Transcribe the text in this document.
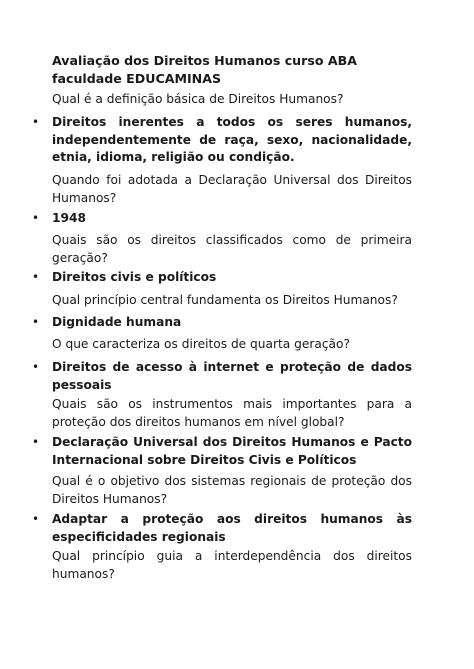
Avaliação dos Direitos Humanos curso ABA faculdade EDUCAMINAS
Qual é a definição básica de Direitos Humanos?
• Direitos inerentes a todos os seres humanos, independentemente de raça, sexo, nacionalidade, etnia, idioma, religião ou condição.
Quando foi adotada a Declaração Universal dos Direitos Humanos?
• 1948
Quais são os direitos classificados como de primeira geração?
• Direitos civis e políticos
Qual princípio central fundamenta os Direitos Humanos?
• Dignidade humana
O que caracteriza os direitos de quarta geração?
• Direitos de acesso à internet e proteção de dados pessoais
Quais são os instrumentos mais importantes para a proteção dos direitos humanos em nível global?
• Declaração Universal dos Direitos Humanos e Pacto Internacional sobre Direitos Civis e Políticos
Qual é o objetivo dos sistemas regionais de proteção dos Direitos Humanos?
• Adaptar a proteção aos direitos humanos às especificidades regionais
Qual princípio guia a interdependência dos direitos humanos?
